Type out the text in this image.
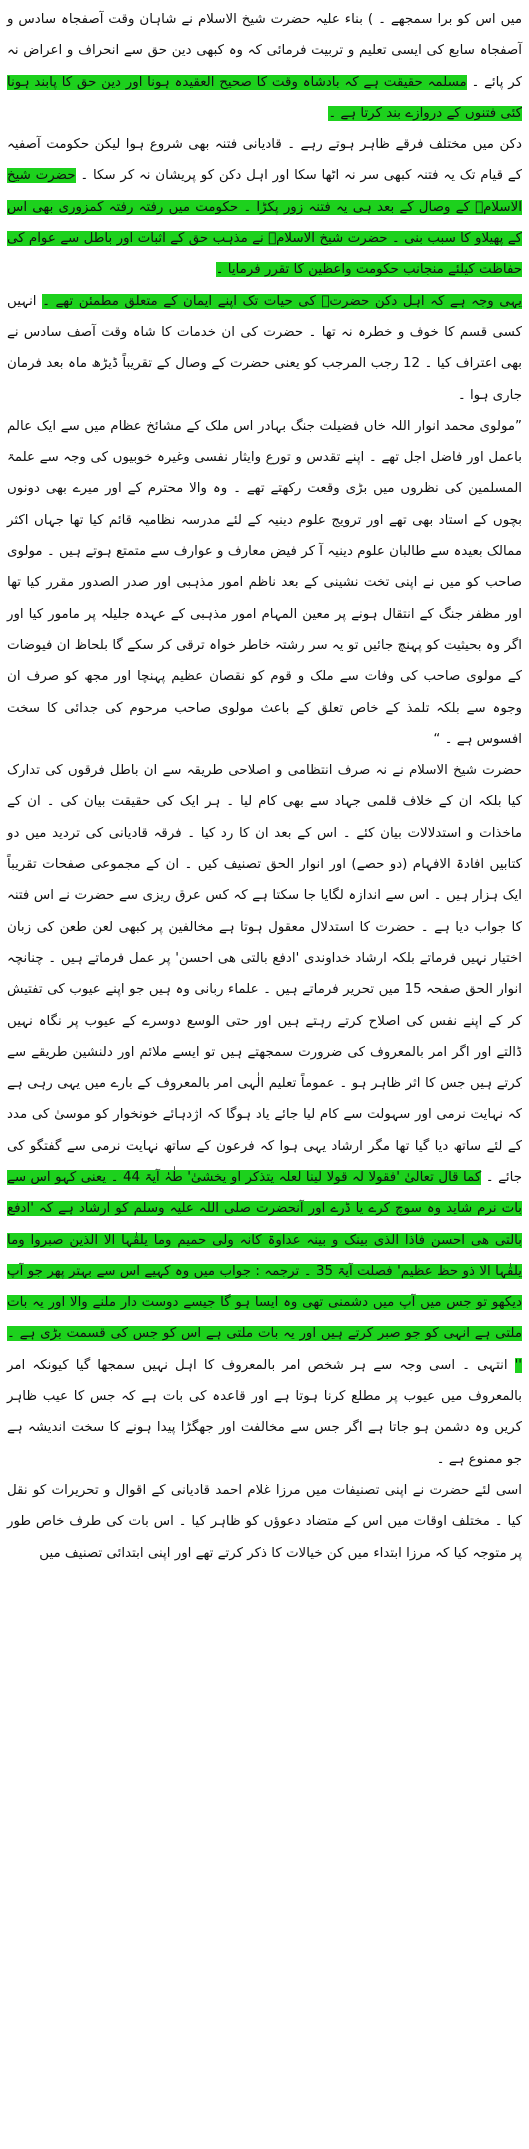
میں اس کو برا سمجھے ۔ ) بناء علیہ حضرت شیخ الاسلام نے شاہان وقت آصفجاہ سادس و آصفجاہ سابع کی ایسی تعلیم و تربیت فرمائی کہ وہ کبھی دین حق سے انحراف و اعراض نہ کر پائے ۔ مسلمہ حقیقت ہے کہ بادشاہ وقت کا صحیح العقیدہ ہونا اور دین حق کا پابند ہونا کئی فتنوں کے دروازے بند کرتا ہے ۔

دکن میں مختلف فرقے ظاہر ہوتے رہے ۔ قادیانی فتنہ بھی شروع ہوا لیکن حکومت آصفیہ کے قیام تک یہ فتنہ کبھی سر نہ اٹھا سکا اور اہل دکن کو پریشان نہ کر سکا ۔ حضرت شیخ الاسلامؒ کے وصال کے بعد ہی یہ فتنہ زور پکڑا ۔ حکومت میں رفتہ رفتہ کمزوری بھی اس کے پھیلاو کا سبب بنی ۔ حضرت شیخ الاسلامؒ نے مذہب حق کے اثبات اور باطل سے عوام کی حفاظت کیلئے منجانب حکومت واعظین کا تقرر فرمایا ۔

یہی وجہ ہے کہ اہل دکن حضرتؒ کی حیات تک اپنے ایمان کے متعلق مطمئن تھے ۔ انہیں کسی قسم کا خوف و خطرہ نہ تھا ۔ حضرت کی ان خدمات کا شاہ وقت آصف سادس نے بھی اعتراف کیا ۔ 12 رجب المرجب کو یعنی حضرت کے وصال کے تقریباً ڈیڑھ ماہ بعد فرمان جاری ہوا ۔

”مولوی محمد انوار اللہ خاں فضیلت جنگ بہادر اس ملک کے مشائخ عظام میں سے ایک عالم باعمل اور فاضل اجل تھے ۔ اپنے تقدس و تورع وایثار نفسی وغیرہ خوبیوں کی وجہ سے علمۃ المسلمین کی نظروں میں بڑی وقعت رکھتے تھے ۔ وہ والا محترم کے اور میرے بھی دونوں بچوں کے استاد بھی تھے اور ترویج علوم دینیہ کے لئے مدرسہ نظامیہ قائم کیا تھا جہاں اکثر ممالک بعیدہ سے طالبان علوم دینیہ آ کر فیض معارف و عوارف سے متمتع ہوتے ہیں ۔ مولوی صاحب کو میں نے اپنی تخت نشینی کے بعد ناظم امور مذہبی اور صدر الصدور مقرر کیا تھا اور مظفر جنگ کے انتقال ہونے پر معین المہام امور مذہبی کے عہدہ جلیلہ پر مامور کیا اور اگر وہ بحیثیت کو پہنچ جائیں تو یہ سر رشتہ خاطر خواہ ترقی کر سکے گا بلحاظ ان فیوضات کے مولوی صاحب کی وفات سے ملک و قوم کو نقصان عظیم پہنچا اور مجھ کو صرف ان وجوہ سے بلکہ تلمذ کے خاص تعلق کے باعث مولوی صاحب مرحوم کی جدائی کا سخت افسوس ہے ۔ “

حضرت شیخ الاسلام نے نہ صرف انتظامی و اصلاحی طریقہ سے ان باطل فرقوں کی تدارک کیا بلکہ ان کے خلاف قلمی جہاد سے بھی کام لیا ۔ ہر ایک کی حقیقت بیان کی ۔ ان کے ماخذات و استدلالات بیان کئے ۔ اس کے بعد ان کا رد کیا ۔ فرقہ قادیانی کی تردید میں دو کتابیں افادۃ الافہام (دو حصے) اور انوار الحق تصنیف کیں ۔ ان کے مجموعی صفحات تقریباً ایک ہزار ہیں ۔ اس سے اندازہ لگایا جا سکتا ہے کہ کس عرق ریزی سے حضرت نے اس فتنہ کا جواب دیا ہے ۔ حضرت کا استدلال معقول ہوتا ہے مخالفین پر کبھی لعن طعن کی زبان اختیار نہیں فرماتے بلکہ ارشاد خداوندی 'ادفع بالتی ھی احسن' پر عمل فرماتے ہیں ۔ چنانچہ انوار الحق صفحہ 15 میں تحریر فرماتے ہیں ۔ علماء ربانی وہ ہیں جو اپنے عیوب کی تفتیش کر کے اپنے نفس کی اصلاح کرتے رہتے ہیں اور حتی الوسع دوسرے کے عیوب پر نگاہ نہیں ڈالتے اور اگر امر بالمعروف کی ضرورت سمجھتے ہیں تو ایسے ملائم اور دلنشین طریقے سے کرتے ہیں جس کا اثر ظاہر ہو ۔ عموماً تعلیم الٰہی امر بالمعروف کے بارے میں یہی رہی ہے کہ نہایت نرمی اور سہولت سے کام لیا جائے یاد ہوگا کہ اژدہائے خونخوار کو موسیٰ کی مدد کے لئے ساتھ دیا گیا تھا مگر ارشاد یہی ہوا کہ فرعون کے ساتھ نہایت نرمی سے گفتگو کی جائے ۔ کما قال تعالیٰ 'فقولا لہ قولا لینا لعلہ یتذکر او یخشیٰ' طٰہٰ آیۃ 44 ۔ یعنی کہو اس سے بات نرم شاید وہ سوچ کرے یا ڈرے اور آنحضرت صلی اللہ علیہ وسلم کو ارشاد ہے کہ 'ادفع بالتی ھی احسن فاذا الذی بینک و بینہ عداوۃ کانہ ولی حمیم وما یلقٰہا الا الذین صبروا وما یلقٰہا الا ذو حظ عظیم' فصلت آیۃ 35 ۔ ترجمہ : جواب میں وہ کہیے اس سے بہتر پھر جو آپ دیکھو تو جس میں آپ میں دشمنی تھی وہ ایسا ہو گا جیسے دوست دار ملنے والا اور یہ بات ملتی ہے انہی کو جو صبر کرتے ہیں اور یہ بات ملتی ہے اس کو جس کی قسمت بڑی ہے ۔ '' انتہی ۔ اسی وجہ سے ہر شخص امر بالمعروف کا اہل نہیں سمجھا گیا کیونکہ امر بالمعروف میں عیوب پر مطلع کرنا ہوتا ہے اور قاعدہ کی بات ہے کہ جس کا عیب ظاہر کریں وہ دشمن ہو جاتا ہے اگر جس سے مخالفت اور جھگڑا پیدا ہونے کا سخت اندیشہ ہے جو ممنوع ہے ۔

اسی لئے حضرت نے اپنی تصنیفات میں مرزا غلام احمد قادیانی کے اقوال و تحریرات کو نقل کیا ۔ مختلف اوقات میں اس کے متضاد دعوؤں کو ظاہر کیا ۔ اس بات کی طرف خاص طور پر متوجہ کیا کہ مرزا ابتداء میں کن خیالات کا ذکر کرتے تھے اور اپنی ابتدائی تصنیف میں
